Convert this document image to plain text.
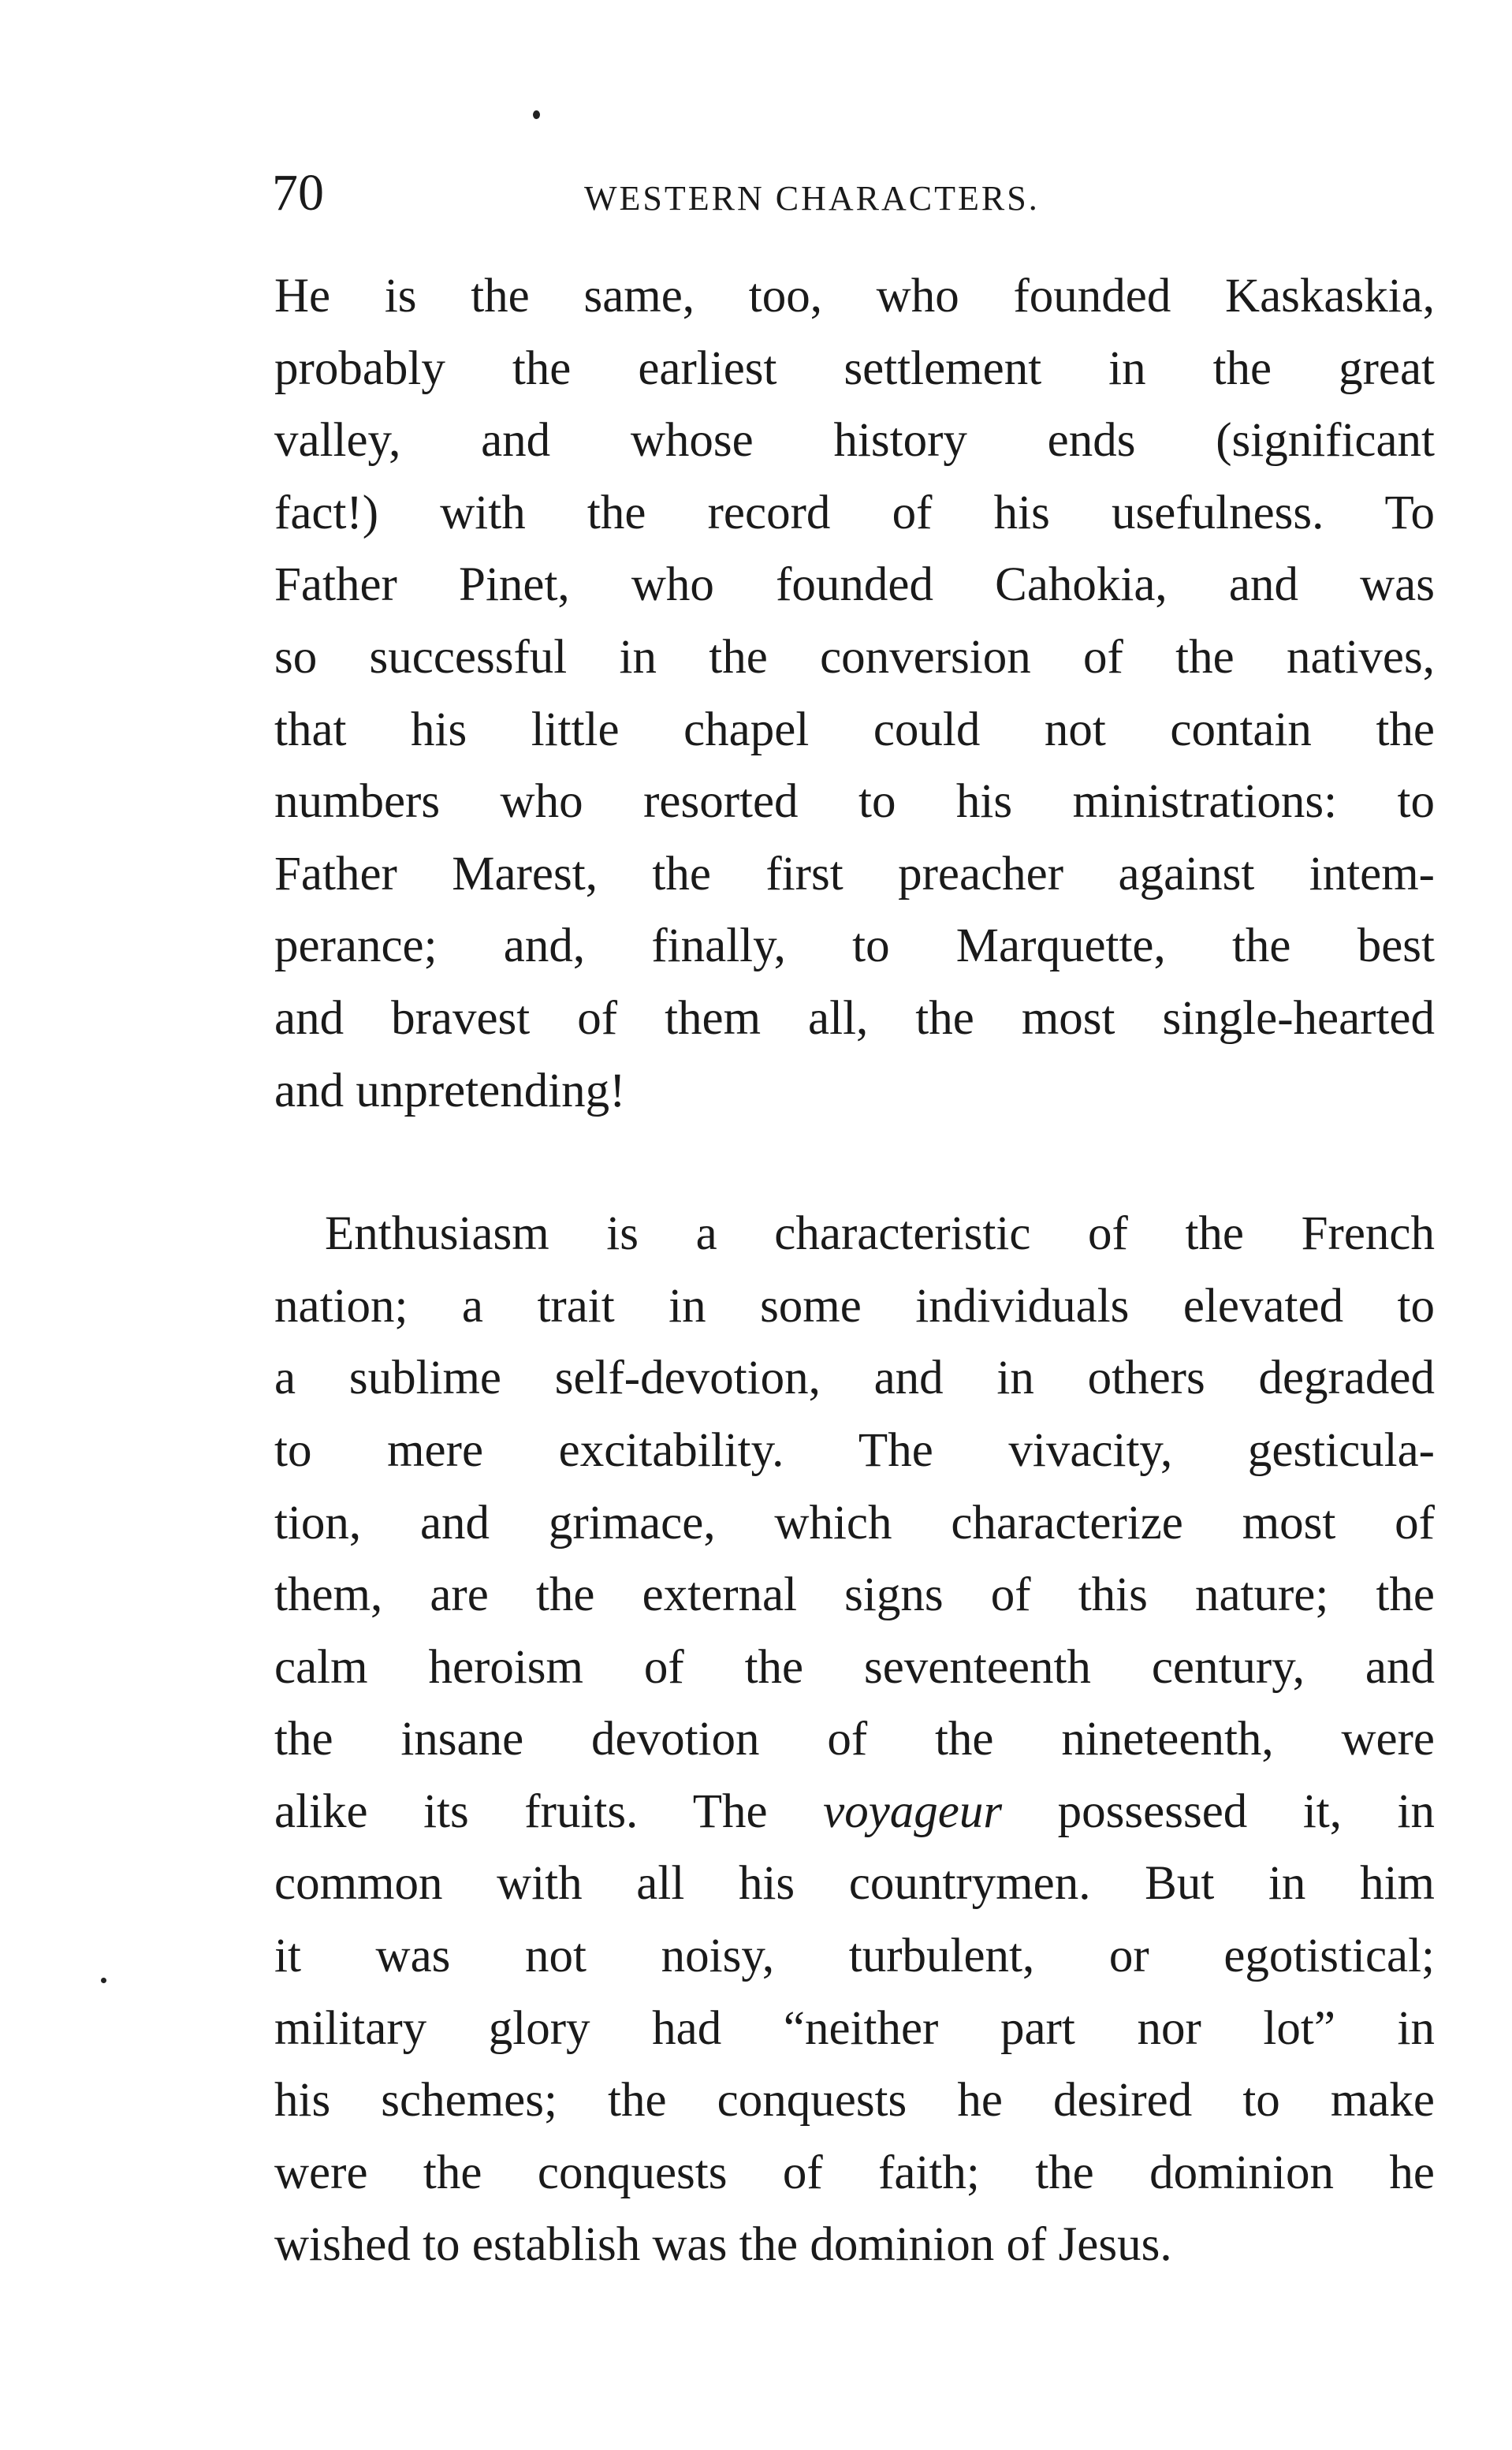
70	WESTERN CHARACTERS.

He is the same, too, who founded Kaskaskia,
probably the earliest settlement in the great
valley, and whose history ends (significant
fact!) with the record of his usefulness. To
Father Pinet, who founded Cahokia, and was
so successful in the conversion of the natives,
that his little chapel could not contain the
numbers who resorted to his ministrations: to
Father Marest, the first preacher against intem-
perance; and, finally, to Marquette, the best
and bravest of them all, the most single-hearted
and unpretending!

Enthusiasm is a characteristic of the French
nation; a trait in some individuals elevated to
a sublime self-devotion, and in others degraded
to mere excitability. The vivacity, gesticula-
tion, and grimace, which characterize most of
them, are the external signs of this nature; the
calm heroism of the seventeenth century, and
the insane devotion of the nineteenth, were
alike its fruits. The voyageur possessed it, in
common with all his countrymen. But in him
it was not noisy, turbulent, or egotistical;
military glory had “neither part nor lot” in
his schemes; the conquests he desired to make
were the conquests of faith; the dominion he
wished to establish was the dominion of Jesus.
